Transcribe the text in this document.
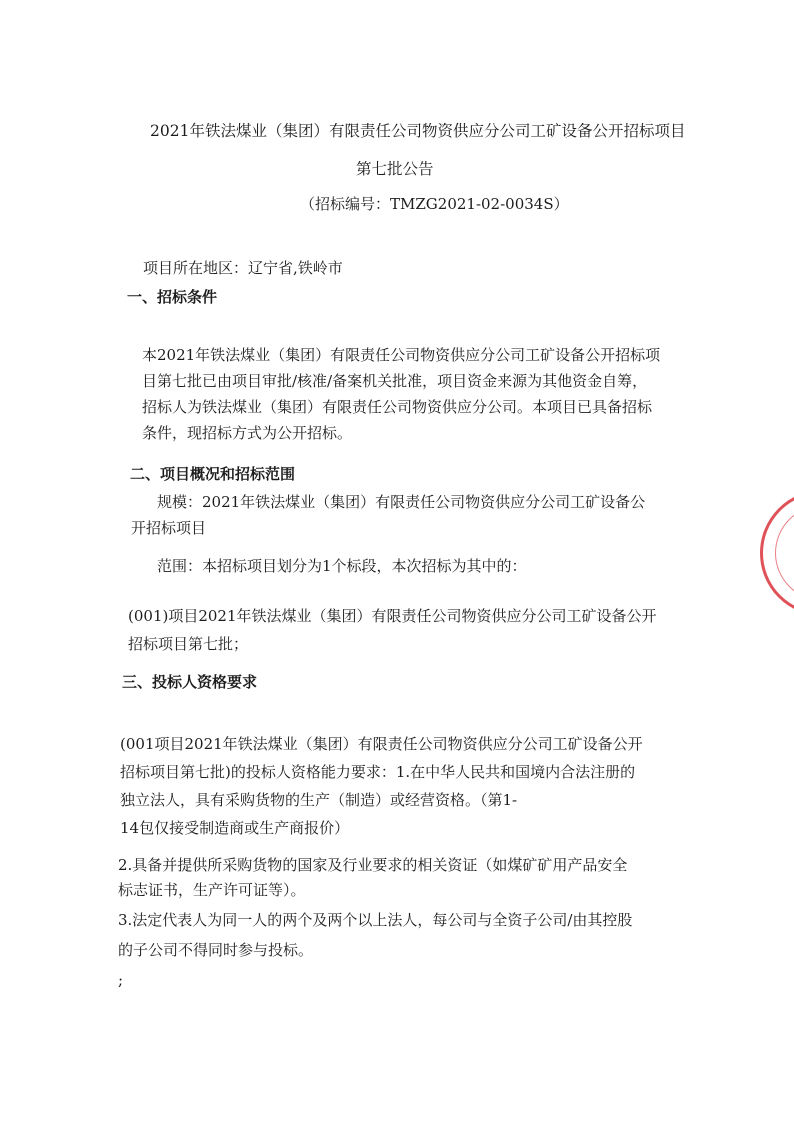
2021年铁法煤业（集团）有限责任公司物资供应分公司工矿设备公开招标项目
第七批公告
（招标编号：TMZG2021-02-0034S）
项目所在地区：辽宁省,铁岭市
一、招标条件
本2021年铁法煤业（集团）有限责任公司物资供应分公司工矿设备公开招标项
目第七批已由项目审批/核准/备案机关批准，项目资金来源为其他资金自筹，
招标人为铁法煤业（集团）有限责任公司物资供应分公司。本项目已具备招标
条件，现招标方式为公开招标。
二、项目概况和招标范围
规模：2021年铁法煤业（集团）有限责任公司物资供应分公司工矿设备公
开招标项目
范围：本招标项目划分为1个标段，本次招标为其中的：
(001)项目2021年铁法煤业（集团）有限责任公司物资供应分公司工矿设备公开
招标项目第七批；
三、投标人资格要求
(001项目2021年铁法煤业（集团）有限责任公司物资供应分公司工矿设备公开
招标项目第七批)的投标人资格能力要求：1.在中华人民共和国境内合法注册的
独立法人，具有采购货物的生产（制造）或经营资格。（第1-
14包仅接受制造商或生产商报价）
2.具备并提供所采购货物的国家及行业要求的相关资证（如煤矿矿用产品安全
标志证书，生产许可证等）。
3.法定代表人为同一人的两个及两个以上法人，每公司与全资子公司/由其控股
的子公司不得同时参与投标。
;
